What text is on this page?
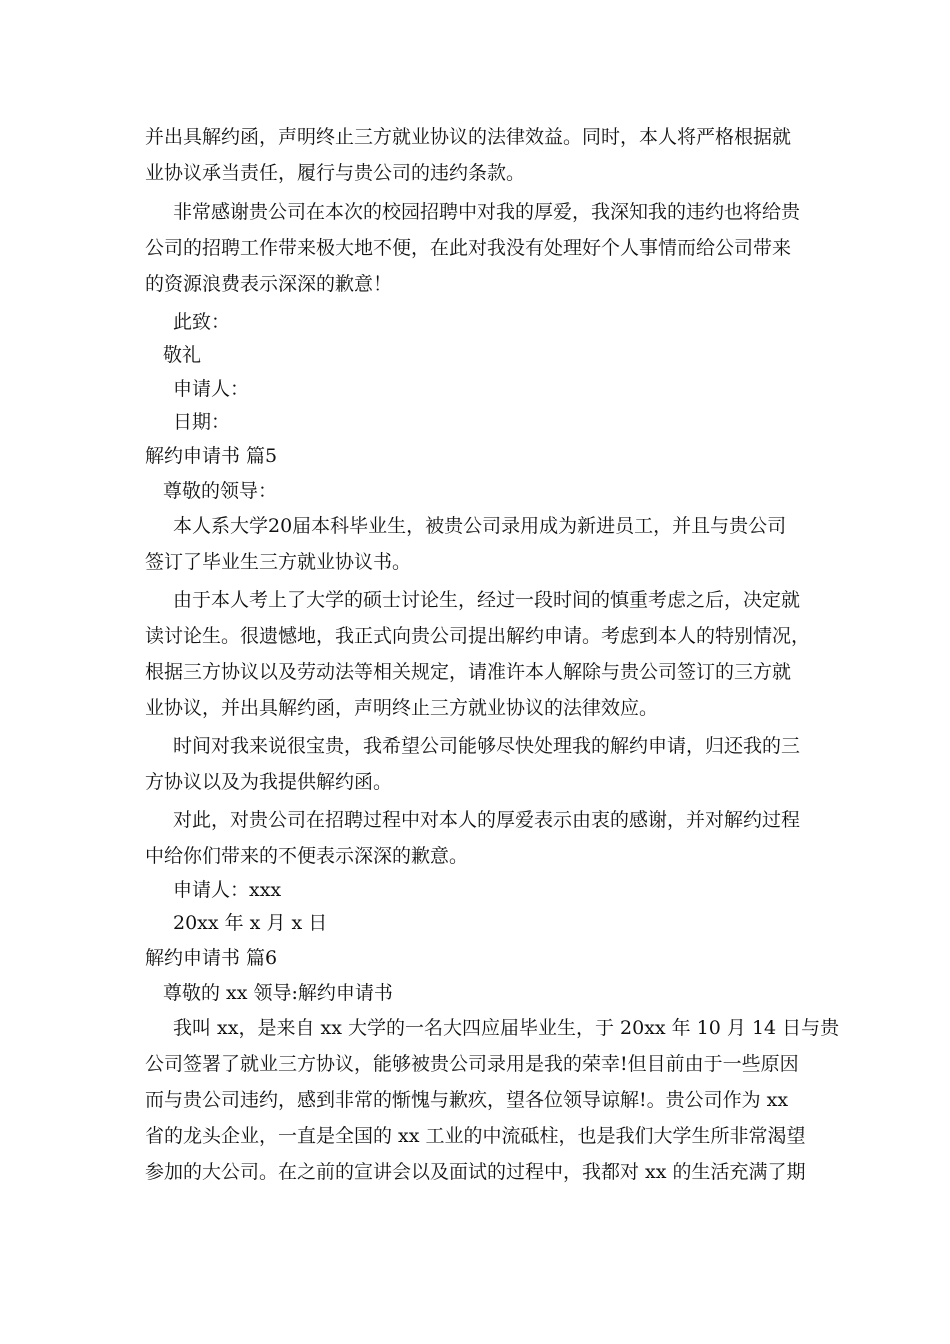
并出具解约函，声明终止三方就业协议的法律效益。同时，本人将严格根据就
业协议承当责任，履行与贵公司的违约条款。
非常感谢贵公司在本次的校园招聘中对我的厚爱，我深知我的违约也将给贵
公司的招聘工作带来极大地不便，在此对我没有处理好个人事情而给公司带来
的资源浪费表示深深的歉意！
此致：
敬礼
申请人：
日期：
解约申请书 篇5
尊敬的领导：
本人系大学20届本科毕业生，被贵公司录用成为新进员工，并且与贵公司
签订了毕业生三方就业协议书。
由于本人考上了大学的硕士讨论生，经过一段时间的慎重考虑之后，决定就
读讨论生。很遗憾地，我正式向贵公司提出解约申请。考虑到本人的特别情况，
根据三方协议以及劳动法等相关规定，请准许本人解除与贵公司签订的三方就
业协议，并出具解约函，声明终止三方就业协议的法律效应。
时间对我来说很宝贵，我希望公司能够尽快处理我的解约申请，归还我的三
方协议以及为我提供解约函。
对此，对贵公司在招聘过程中对本人的厚爱表示由衷的感谢，并对解约过程
中给你们带来的不便表示深深的歉意。
申请人：xxx
20xx 年 x 月 x 日
解约申请书 篇6
尊敬的 xx 领导:解约申请书
我叫 xx，是来自 xx 大学的一名大四应届毕业生，于 20xx 年 10 月 14 日与贵
公司签署了就业三方协议，能够被贵公司录用是我的荣幸!但目前由于一些原因
而与贵公司违约，感到非常的惭愧与歉疚，望各位领导谅解!。贵公司作为 xx
省的龙头企业，一直是全国的 xx 工业的中流砥柱，也是我们大学生所非常渴望
参加的大公司。在之前的宣讲会以及面试的过程中，我都对 xx 的生活充满了期
